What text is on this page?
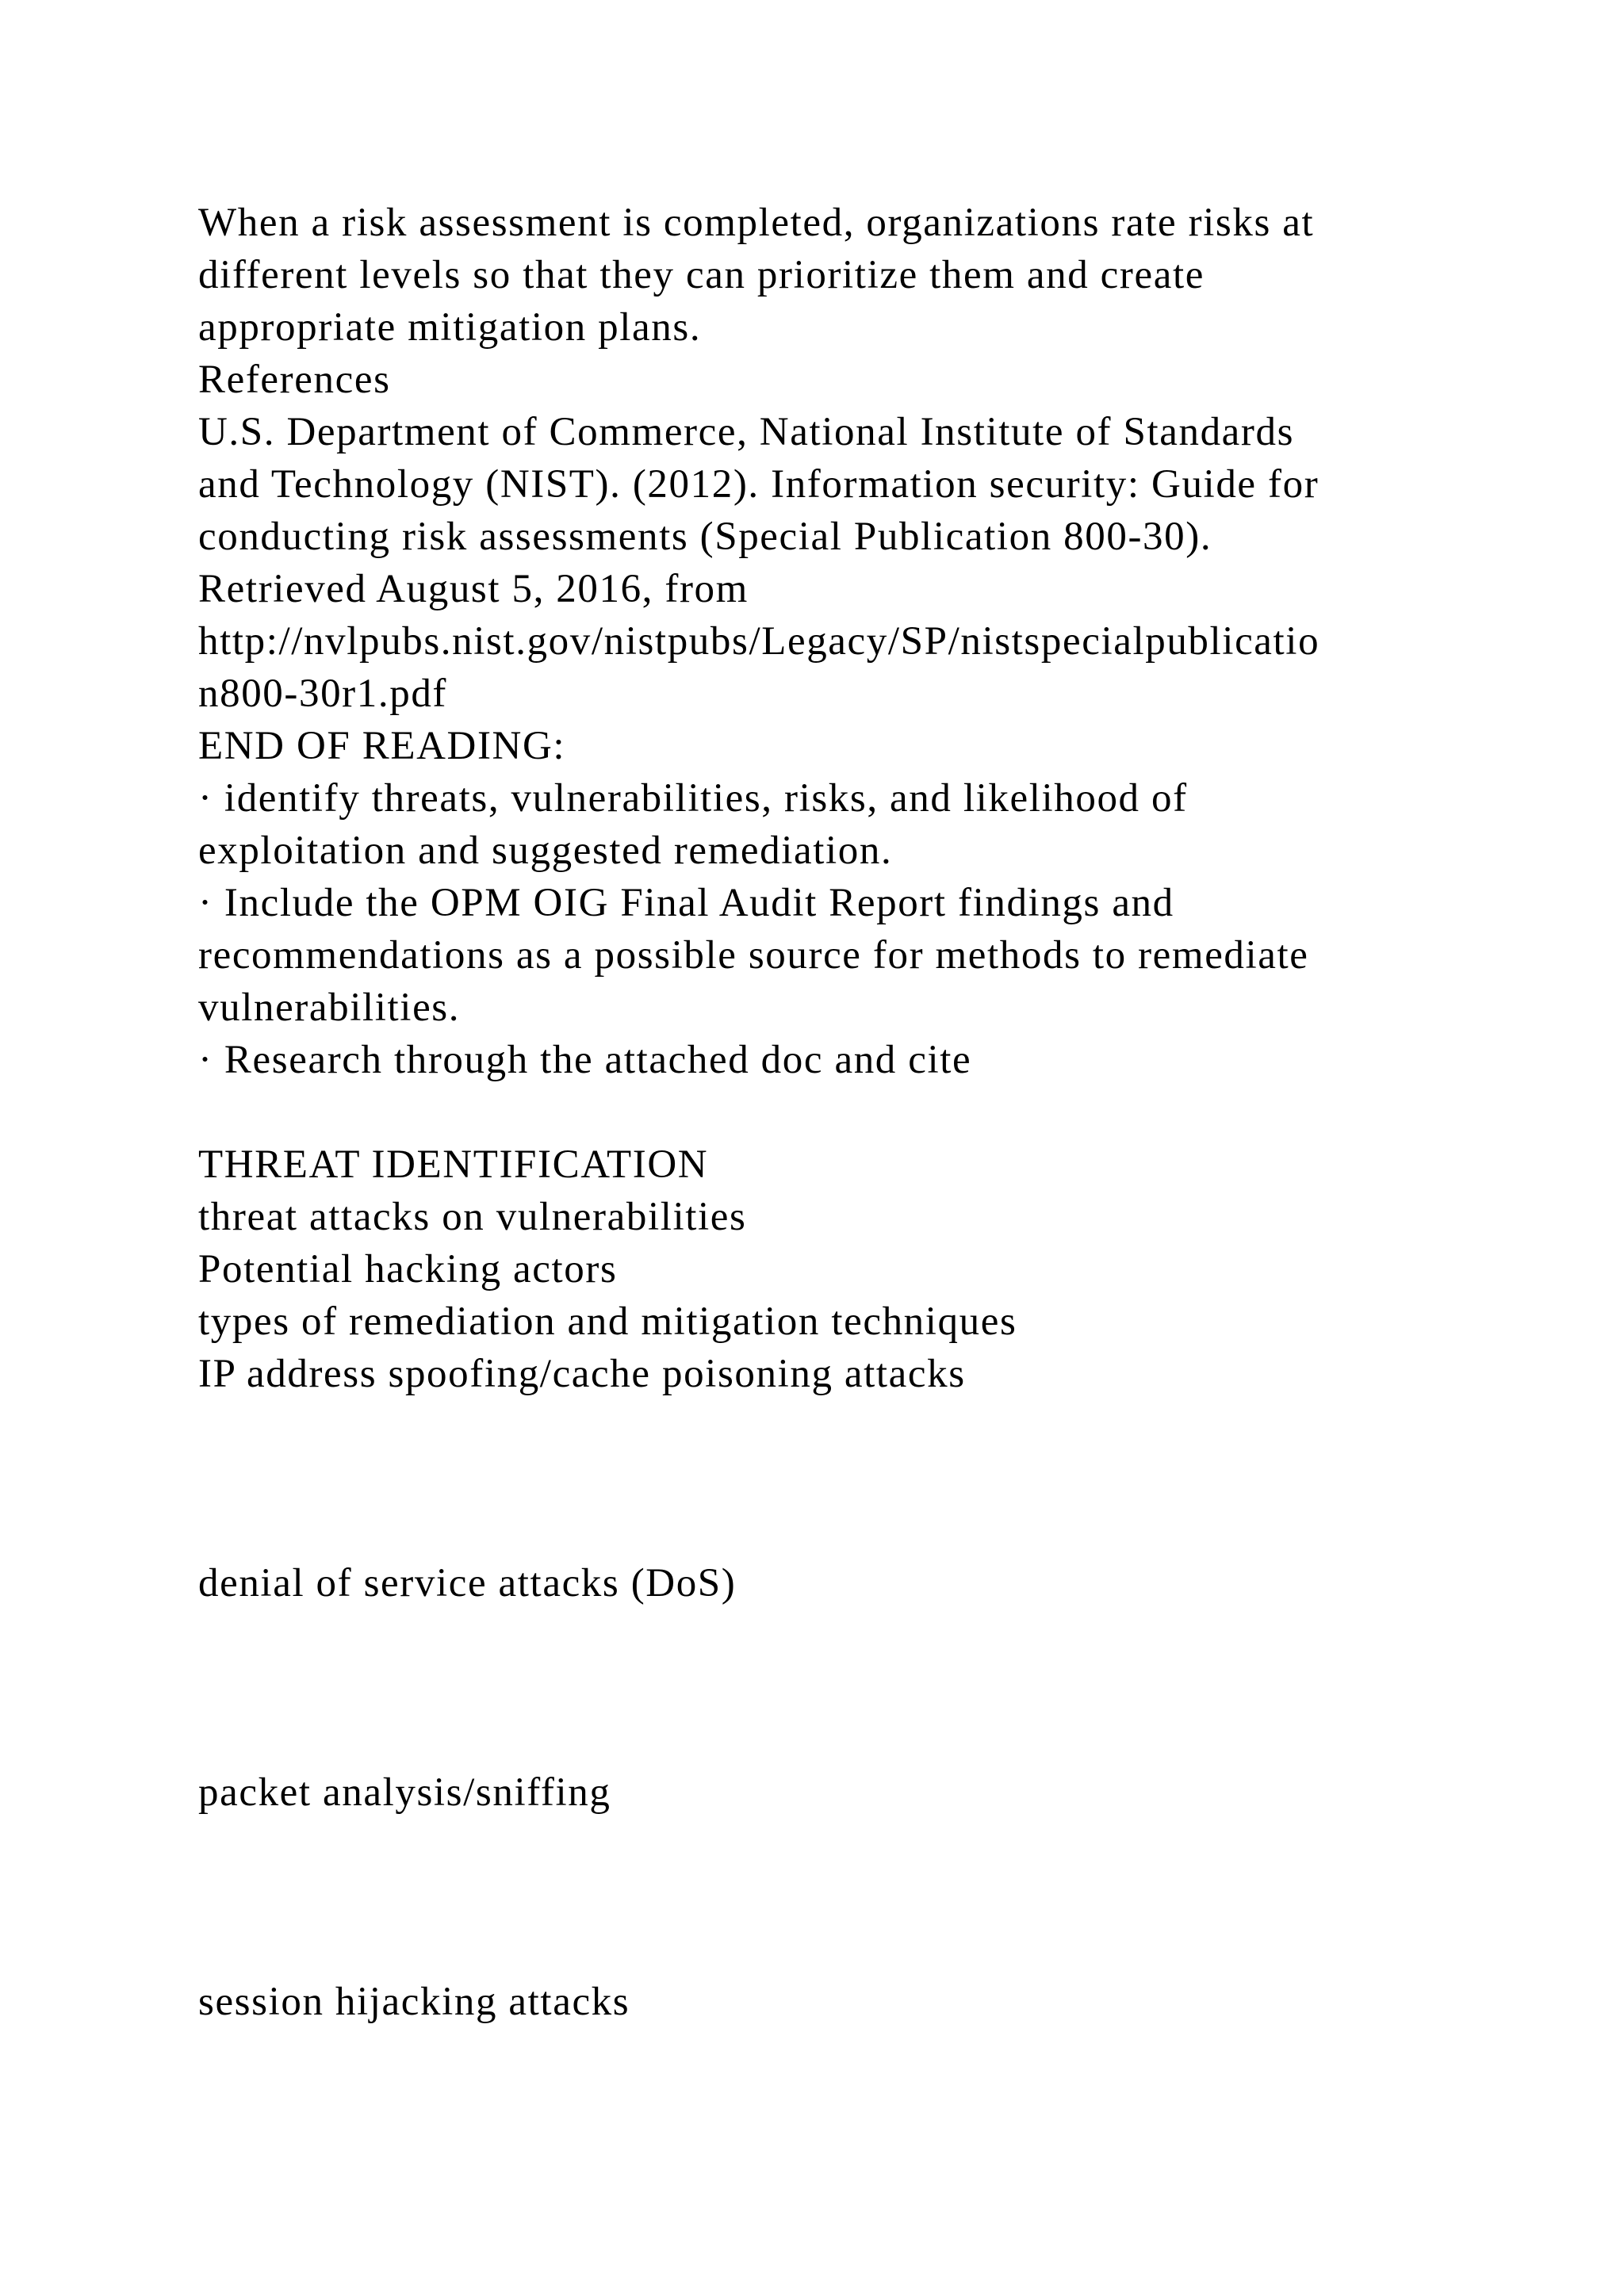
When a risk assessment is completed, organizations rate risks at
different levels so that they can prioritize them and create
appropriate mitigation plans.
References
U.S. Department of Commerce, National Institute of Standards
and Technology (NIST). (2012). Information security: Guide for
conducting risk assessments (Special Publication 800-30).
Retrieved August 5, 2016, from
http://nvlpubs.nist.gov/nistpubs/Legacy/SP/nistspecialpublicatio
n800-30r1.pdf
END OF READING:
· identify threats, vulnerabilities, risks, and likelihood of
exploitation and suggested remediation.
· Include the OPM OIG Final Audit Report findings and
recommendations as a possible source for methods to remediate
vulnerabilities.
· Research through the attached doc and cite
THREAT IDENTIFICATION
threat attacks on vulnerabilities
Potential hacking actors
types of remediation and mitigation techniques
IP address spoofing/cache poisoning attacks
denial of service attacks (DoS)
packet analysis/sniffing
session hijacking attacks
